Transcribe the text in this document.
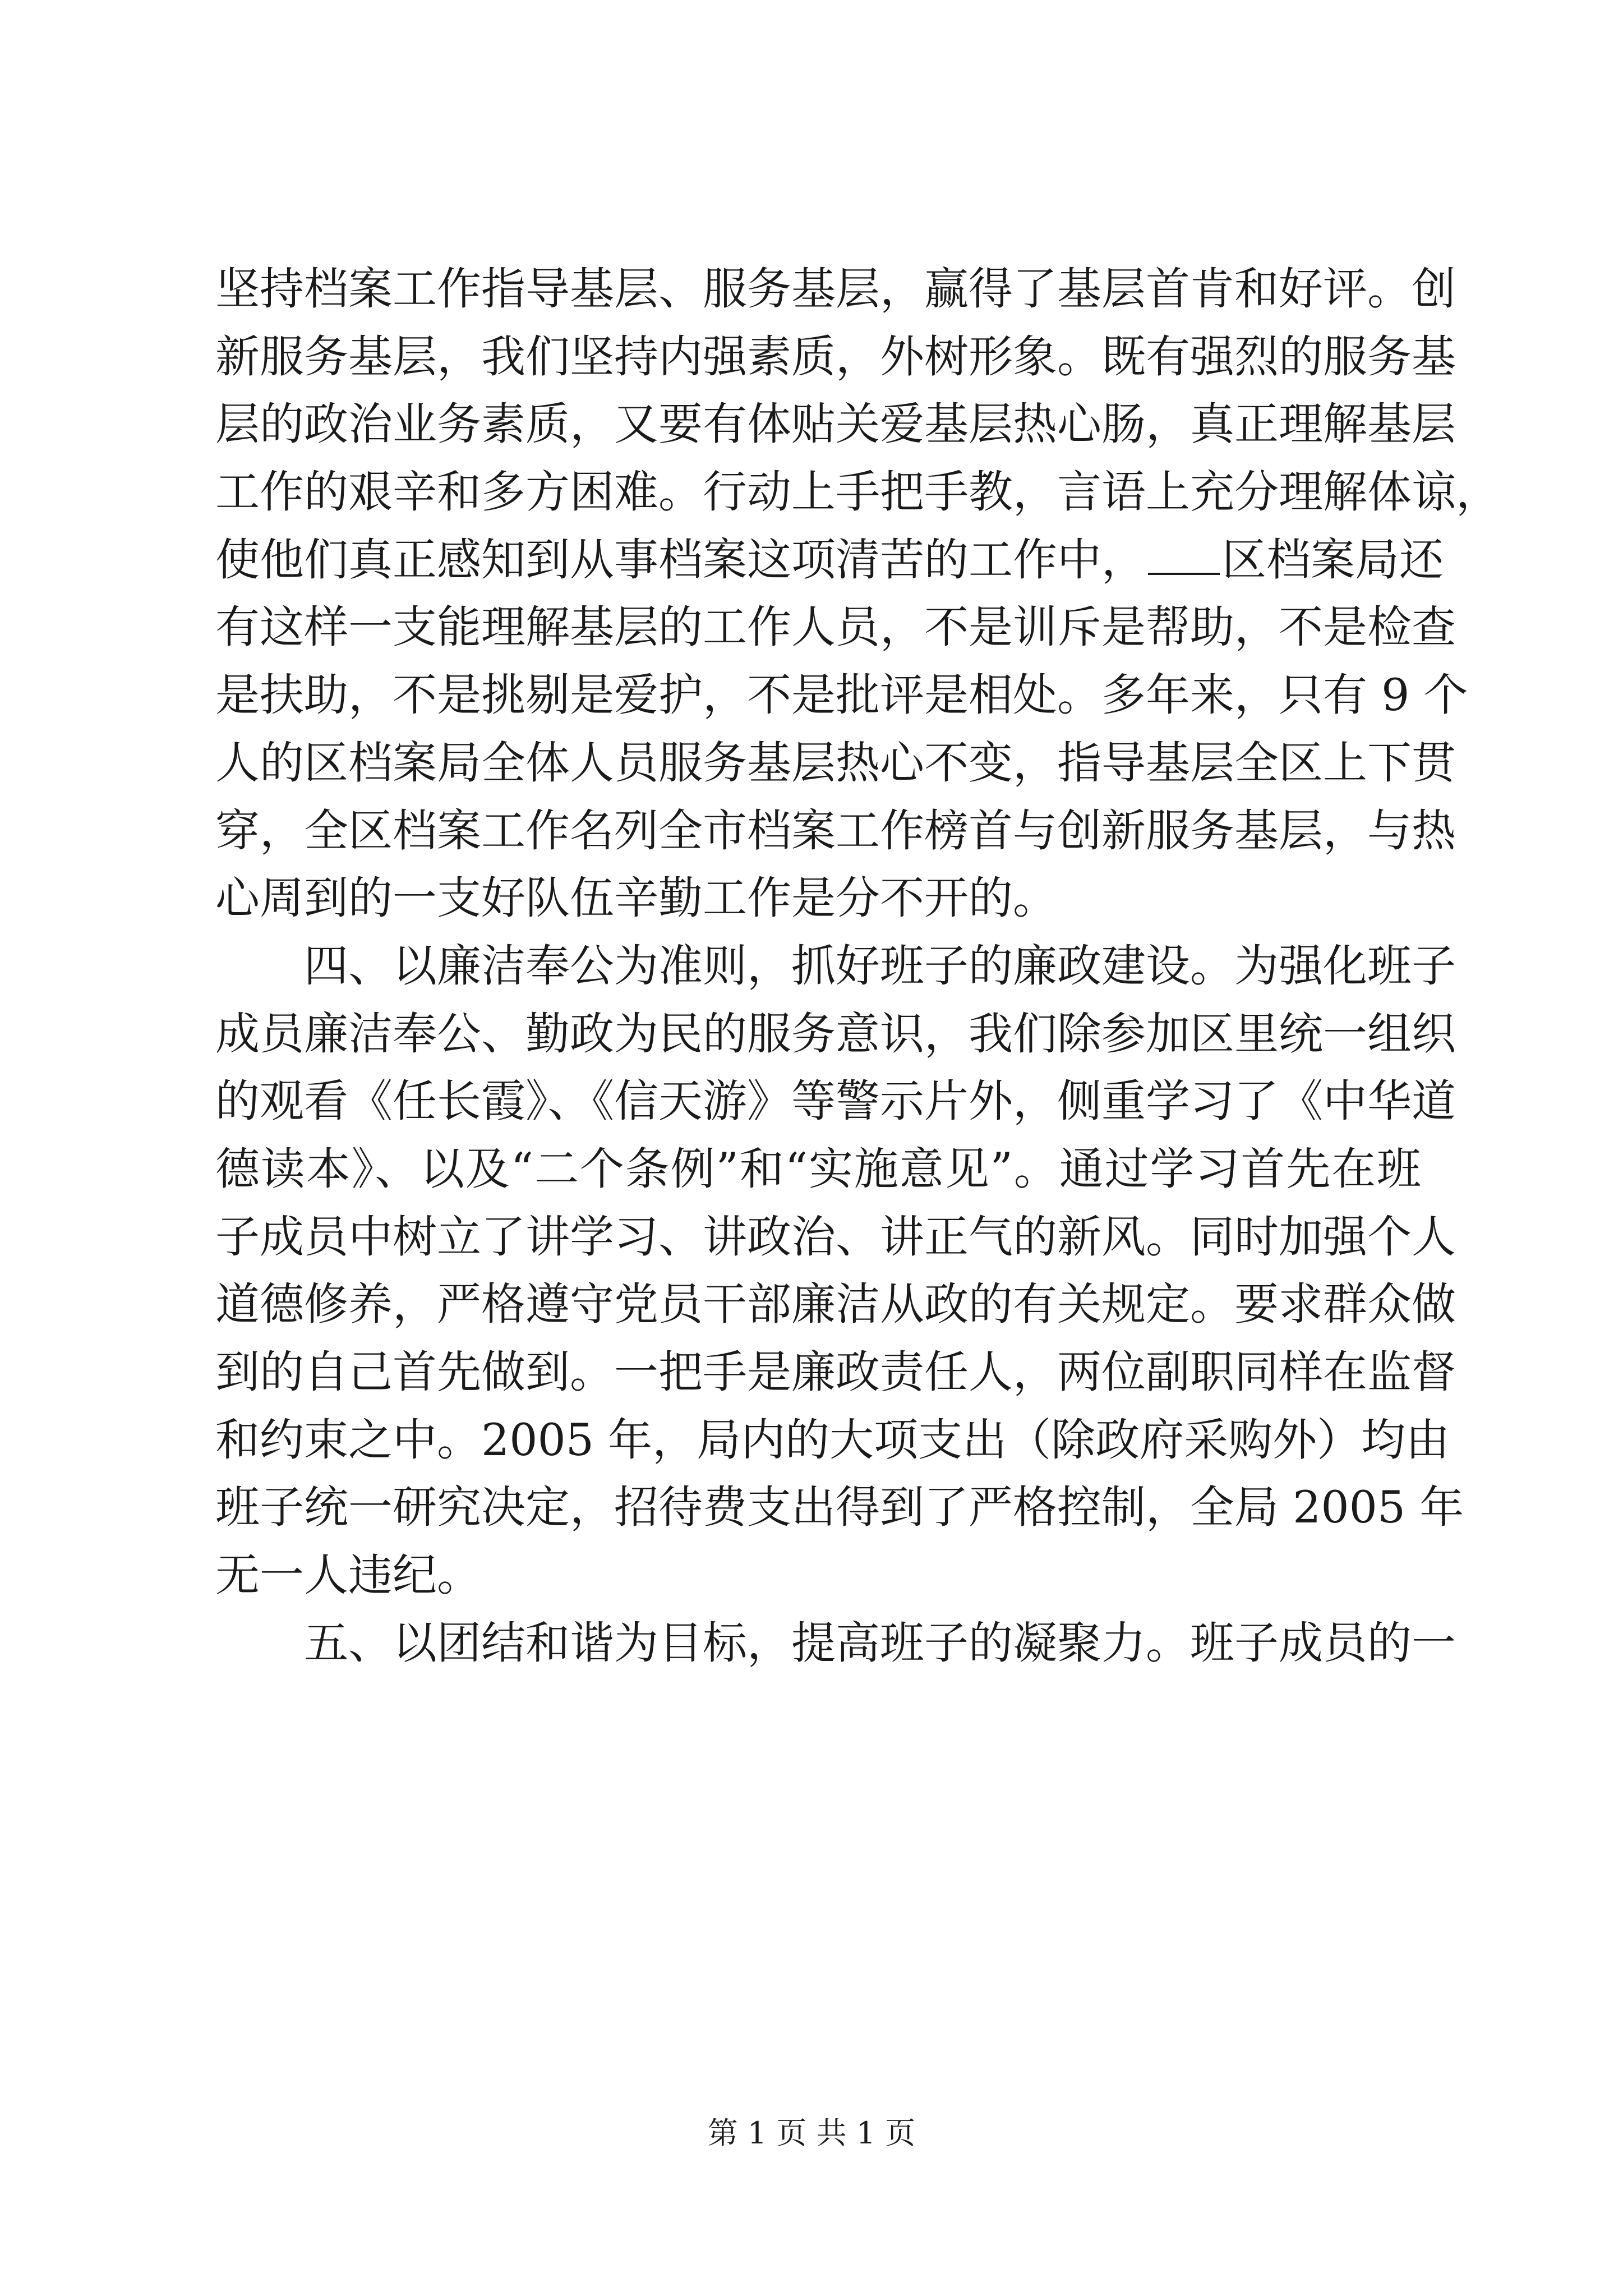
坚持档案工作指导基层、服务基层，赢得了基层首肯和好评。创
新服务基层，我们坚持内强素质，外树形象。既有强烈的服务基
层的政治业务素质，又要有体贴关爱基层热心肠，真正理解基层
工作的艰辛和多方困难。行动上手把手教，言语上充分理解体谅，
使他们真正感知到从事档案这项清苦的工作中， 区档案局还
有这样一支能理解基层的工作人员，不是训斥是帮助，不是检查
是扶助，不是挑剔是爱护，不是批评是相处。多年来，只有 9 个
人的区档案局全体人员服务基层热心不变，指导基层全区上下贯
穿，全区档案工作名列全市档案工作榜首与创新服务基层，与热
心周到的一支好队伍辛勤工作是分不开的。
四、以廉洁奉公为准则，抓好班子的廉政建设。为强化班子
成员廉洁奉公、勤政为民的服务意识，我们除参加区里统一组织
的观看《任长霞》、《信天游》等警示片外，侧重学习了《中华道
德读本》、以及“二个条例”和“实施意见”。通过学习首先在班
子成员中树立了讲学习、讲政治、讲正气的新风。同时加强个人
道德修养，严格遵守党员干部廉洁从政的有关规定。要求群众做
到的自己首先做到。一把手是廉政责任人，两位副职同样在监督
和约束之中。2005 年，局内的大项支出（除政府采购外）均由
班子统一研究决定，招待费支出得到了严格控制，全局 2005 年
无一人违纪。
五、以团结和谐为目标，提高班子的凝聚力。班子成员的一
第 1 页 共 1 页
